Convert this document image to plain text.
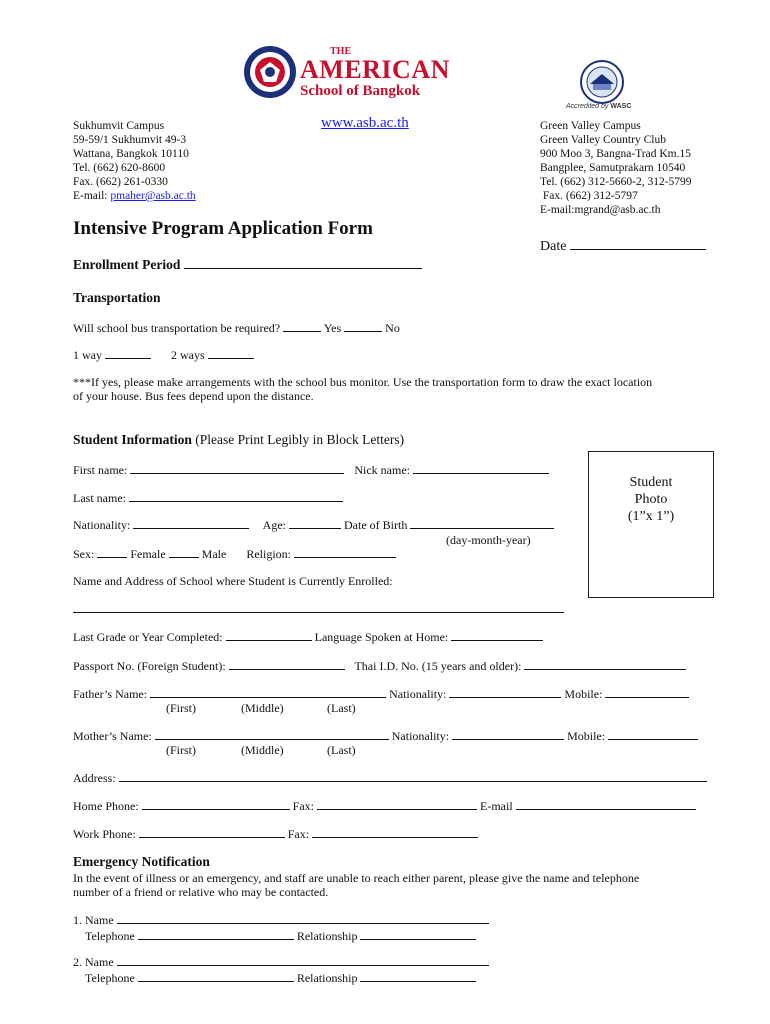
THE
AMERICAN
School of Bangkok
Accredited by WASC
Sukhumvit Campus
59-59/1 Sukhumvit 49-3
Wattana, Bangkok 10110
Tel. (662) 620-8600
Fax. (662) 261-0330
E-mail: pmaher@asb.ac.th
www.asb.ac.th	Green Valley Campus
Green Valley Country Club
900 Moo 3, Bangna-Trad Km.15
Bangplee, Samutprakarn 10540
Tel. (662) 312-5660-2, 312-5799
Fax. (662) 312-5797
E-mail:mgrand@asb.ac.th
Intensive Program Application Form
Date
Enrollment Period
Transportation
Will school bus transportation be required?	Yes	No
1 way	2 ways
***If yes, please make arrangements with the school bus monitor. Use the transportation form to draw the exact location
of your house. Bus fees depend upon the distance.
Student Information (Please Print Legibly in Block Letters)
First name:	Nick name:
Student
Photo
(1”x 1”)
Last name:
Nationality:	Age:	Date of Birth
(day-month-year)
Sex:	Female	Male Religion:
Name and Address of School where Student is Currently Enrolled:
Last Grade or Year Completed:	Language Spoken at Home:
Passport No. (Foreign Student):	Thai I.D. No. (15 years and older):
Father’s Name:	Nationality:	Mobile:
(First)	(Middle)	(Last)
Mother’s Name:	Nationality:	Mobile:
(First)	(Middle)	(Last)
Address:
Home Phone:	Fax:	E-mail
Work Phone:	Fax:
Emergency Notification
In the event of illness or an emergency, and staff are unable to reach either parent, please give the name and telephone
number of a friend or relative who may be contacted.
1. Name
Telephone	Relationship
2. Name
Telephone	Relationship
